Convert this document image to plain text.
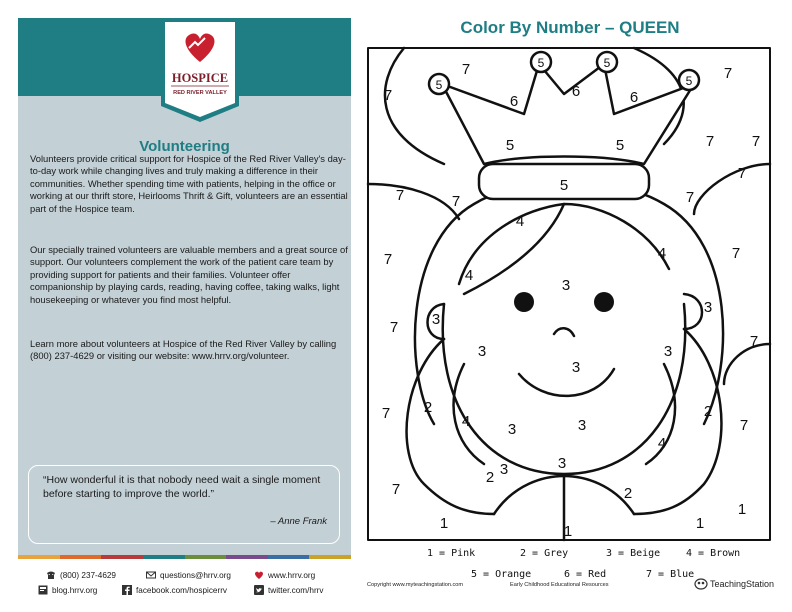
HOSPICE
RED RIVER VALLEY
Volunteering

Volunteers provide critical support for Hospice of the Red River Valley's day-to-day work while changing lives and truly making a difference in their communities. Whether spending time with patients, helping in the office or working at our thrift store, Heirlooms Thrift & Gift, volunteers are an essential part of the Hospice team.

Our specially trained volunteers are valuable members and a great source of support. Our volunteers complement the work of the patient care team by providing support for patients and their families. Volunteer offer companionship by playing cards, reading, having coffee, taking walks, light housekeeping or whatever you find most helpful.

Learn more about volunteers at Hospice of the Red River Valley by calling (800) 237-4629 or visiting our website: www.hrrv.org/volunteer.

“How wonderful it is that nobody need wait a single moment before starting to improve the world.”
– Anne Frank
(800) 237-4629	questions@hrrv.org	www.hrrv.org
blog.hrrv.org	facebook.com/hospicerrv	twitter.com/hrrv
Color By Number – QUEEN
5
5	5
5
6
6	6
5	5
5
4
4
4
4
4
3
3
3
3	3
3
3	3
3	3
2	2
2
2
1	1	1
1
7
7
7
7	7
7	7	7
7	7
7
7
7
7
7
7
1 = Pink	2 = Grey	3 = Beige	4 = Brown
5 = Orange	6 = Red	7 = Blue
Copyright www.myteachingstation.com	Early Childhood Educational Resources	TeachingStation
